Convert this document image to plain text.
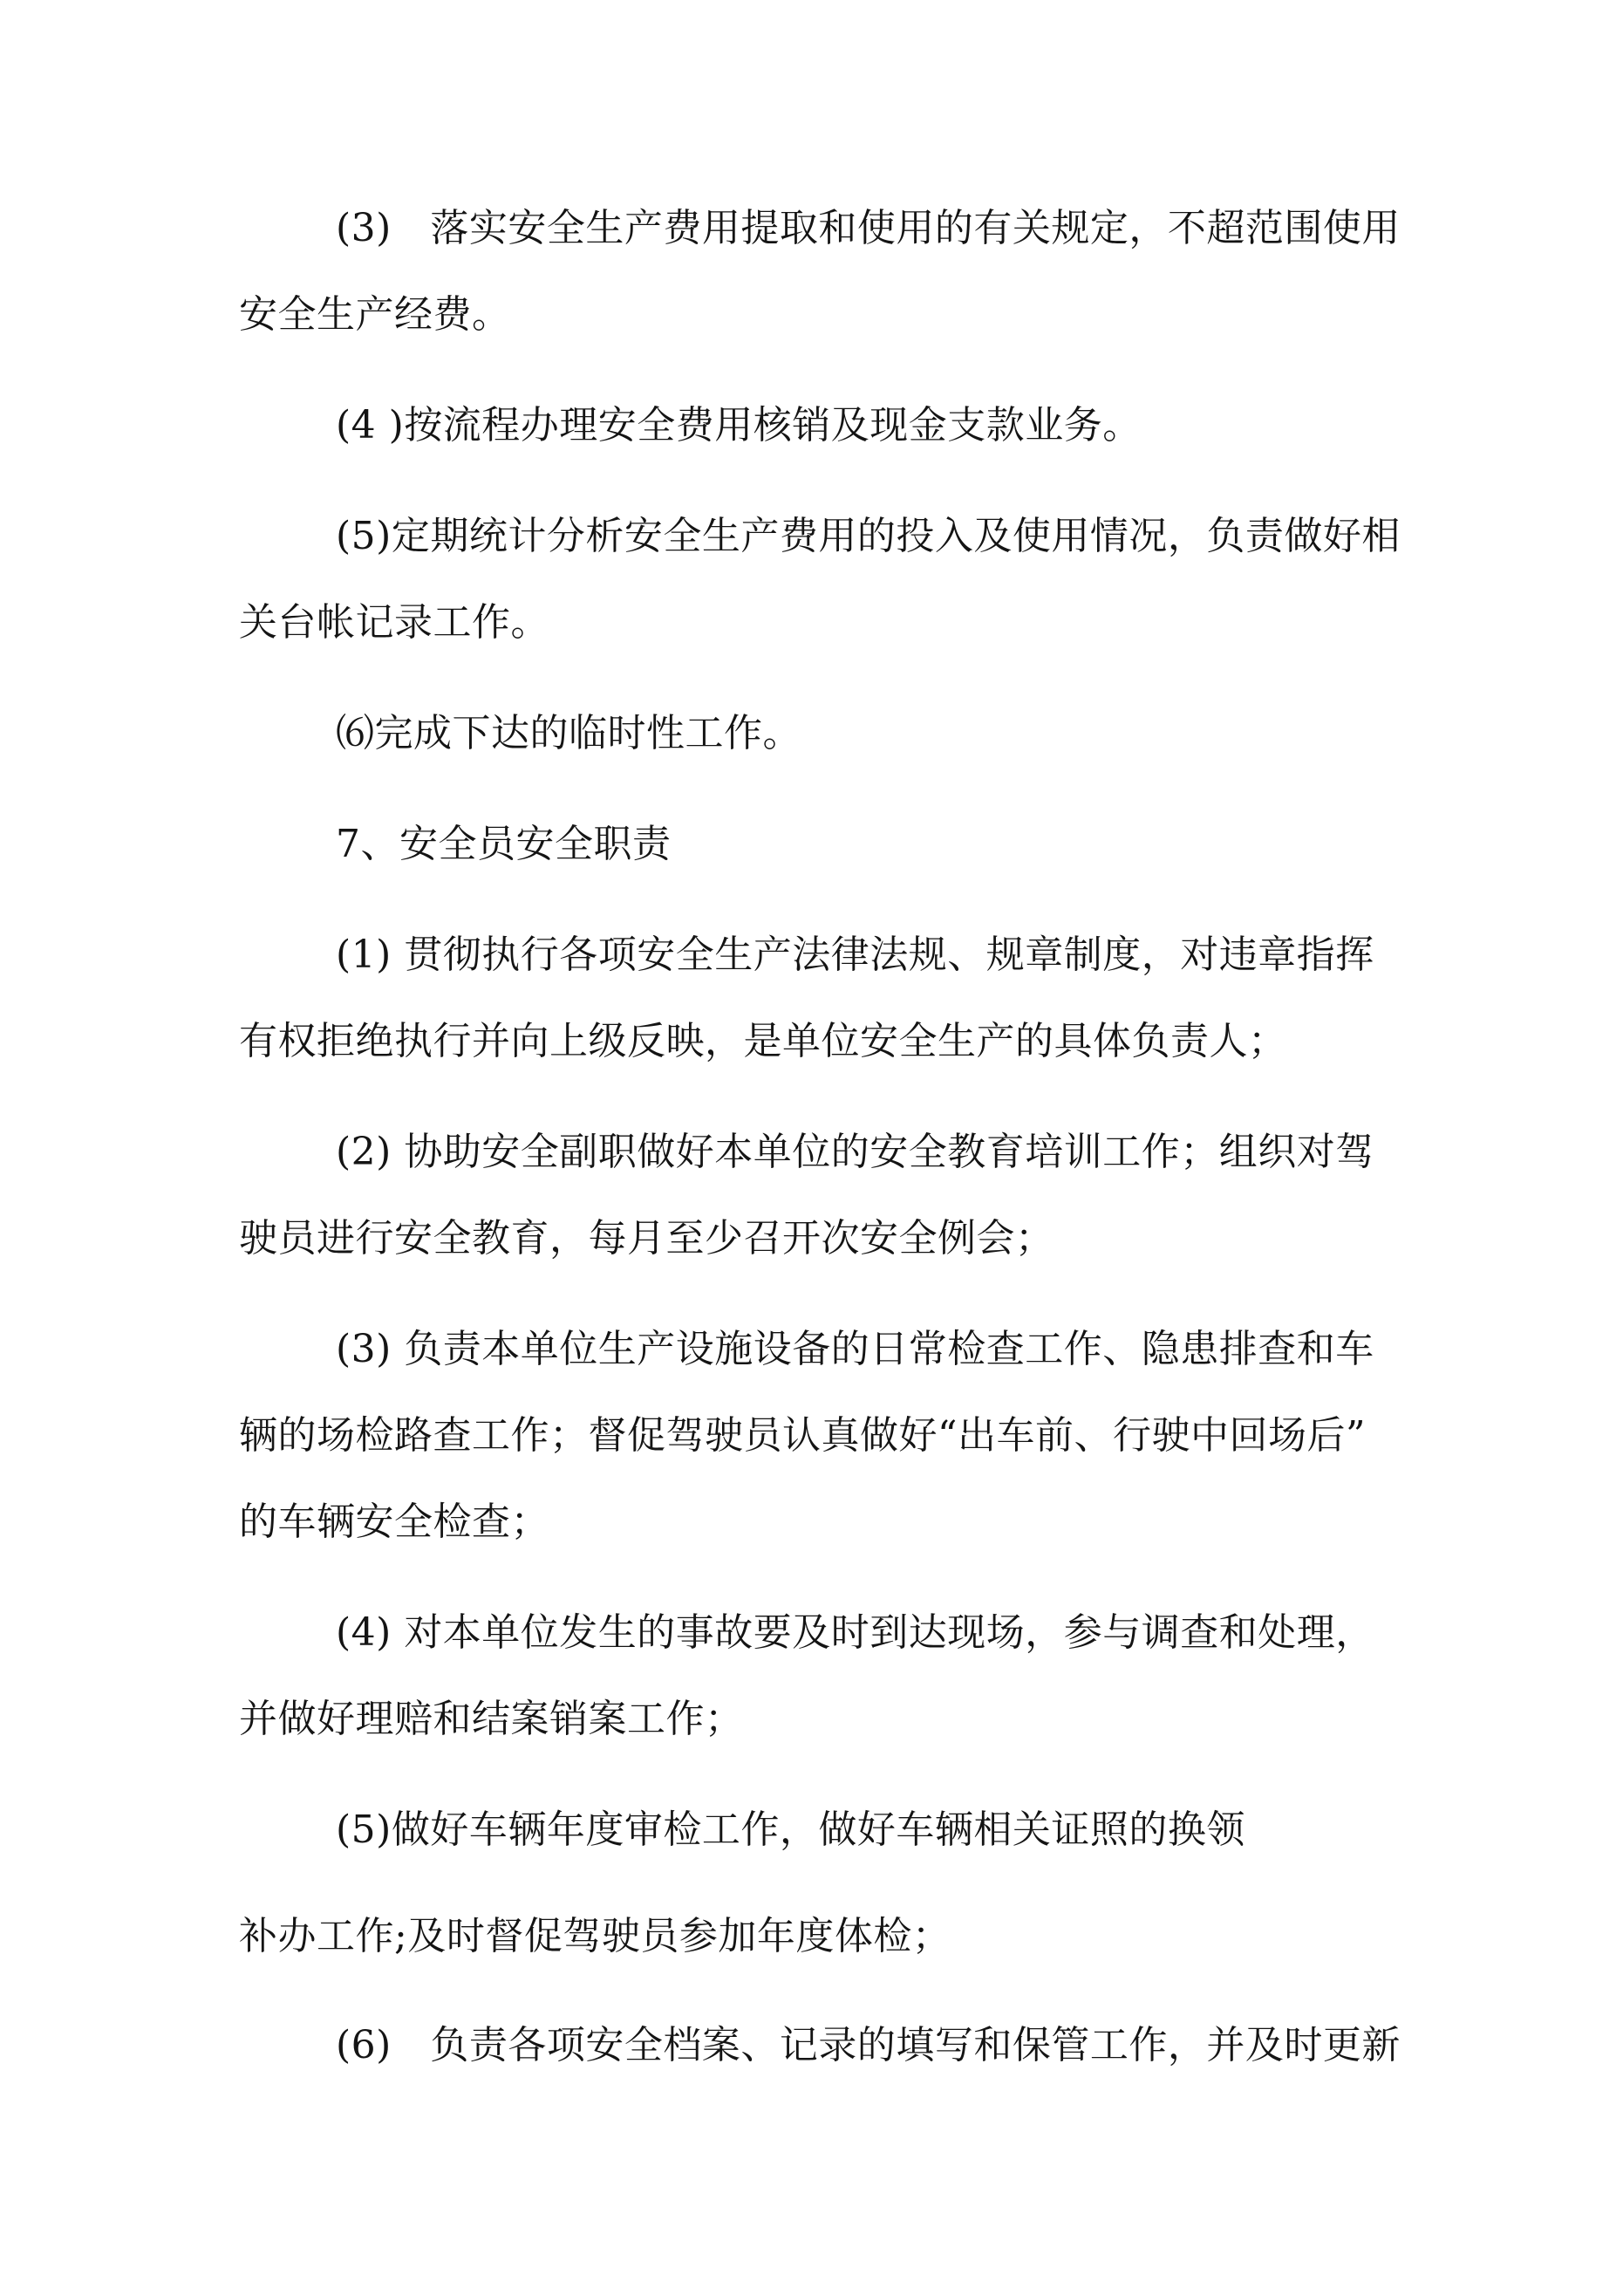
(3)　落实安全生产费用提取和使用的有关规定，不超范围使用
安全生产经费。
(4 )按流程办理安全费用核销及现金支款业务。
(5)定期统计分析安全生产费用的投入及使用情况，负责做好相
关台帐记录工作。
⑹完成下达的临时性工作。
7、安全员安全职责
(1) 贯彻执行各项安全生产法律法规、规章制度，对违章指挥
有权拒绝执行并向上级反映，是单位安全生产的具体负责人；
(2) 协助安全副职做好本单位的安全教育培训工作；组织对驾
驶员进行安全教育，每月至少召开次安全例会；
(3) 负责本单位生产设施设备的日常检查工作、隐患排查和车
辆的场检路查工作；督促驾驶员认真做好“出车前、行驶中回场后”
的车辆安全检查；
(4) 对本单位发生的事故要及时到达现场，参与调查和处理，
并做好理赔和结案销案工作；
(5)做好车辆年度审检工作，做好车辆相关证照的换领
补办工作;及时督促驾驶员参加年度体检；
(6)　负责各项安全档案、记录的填写和保管工作，并及时更新
